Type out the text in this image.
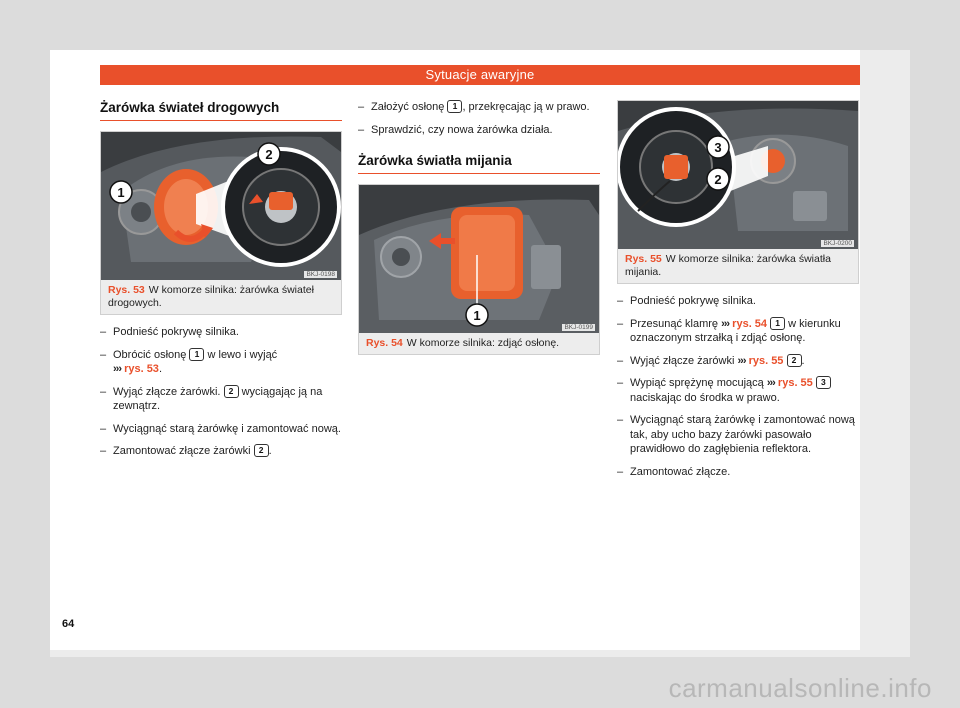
Sytuacje awaryjne
Żarówka świateł drogowych
1
2
BKJ-0198
Rys. 53 W komorze silnika: żarówka świateł drogowych.
– Podnieść pokrywę silnika.
– Obrócić osłonę 1 w lewo i wyjąć
››› rys. 53.
– Wyjąć złącze żarówki. 2 wyciągając ją na zewnątrz.
– Wyciągnąć starą żarówkę i zamontować nową.
– Zamontować złącze żarówki 2 .
– Założyć osłonę 1 , przekręcając ją w prawo.
– Sprawdzić, czy nowa żarówka działa.
Żarówka światła mijania
1
BKJ-0199
Rys. 54 W komorze silnika: zdjąć osłonę.
3
2
BKJ-0200
Rys. 55 W komorze silnika: żarówka światła mijania.
– Podnieść pokrywę silnika.
– Przesunąć klamrę ››› rys. 54 1 w kierunku oznaczonym strzałką i zdjąć osłonę.
– Wyjąć złącze żarówki ››› rys. 55 2 .
– Wypiąć sprężynę mocującą ››› rys. 55 3 naciskając do środka w prawo.
– Wyciągnąć starą żarówkę i zamontować nową tak, aby ucho bazy żarówki pasowało prawidłowo do zagłębienia reflektora.
– Zamontować złącze.
64
carmanualsonline.info
